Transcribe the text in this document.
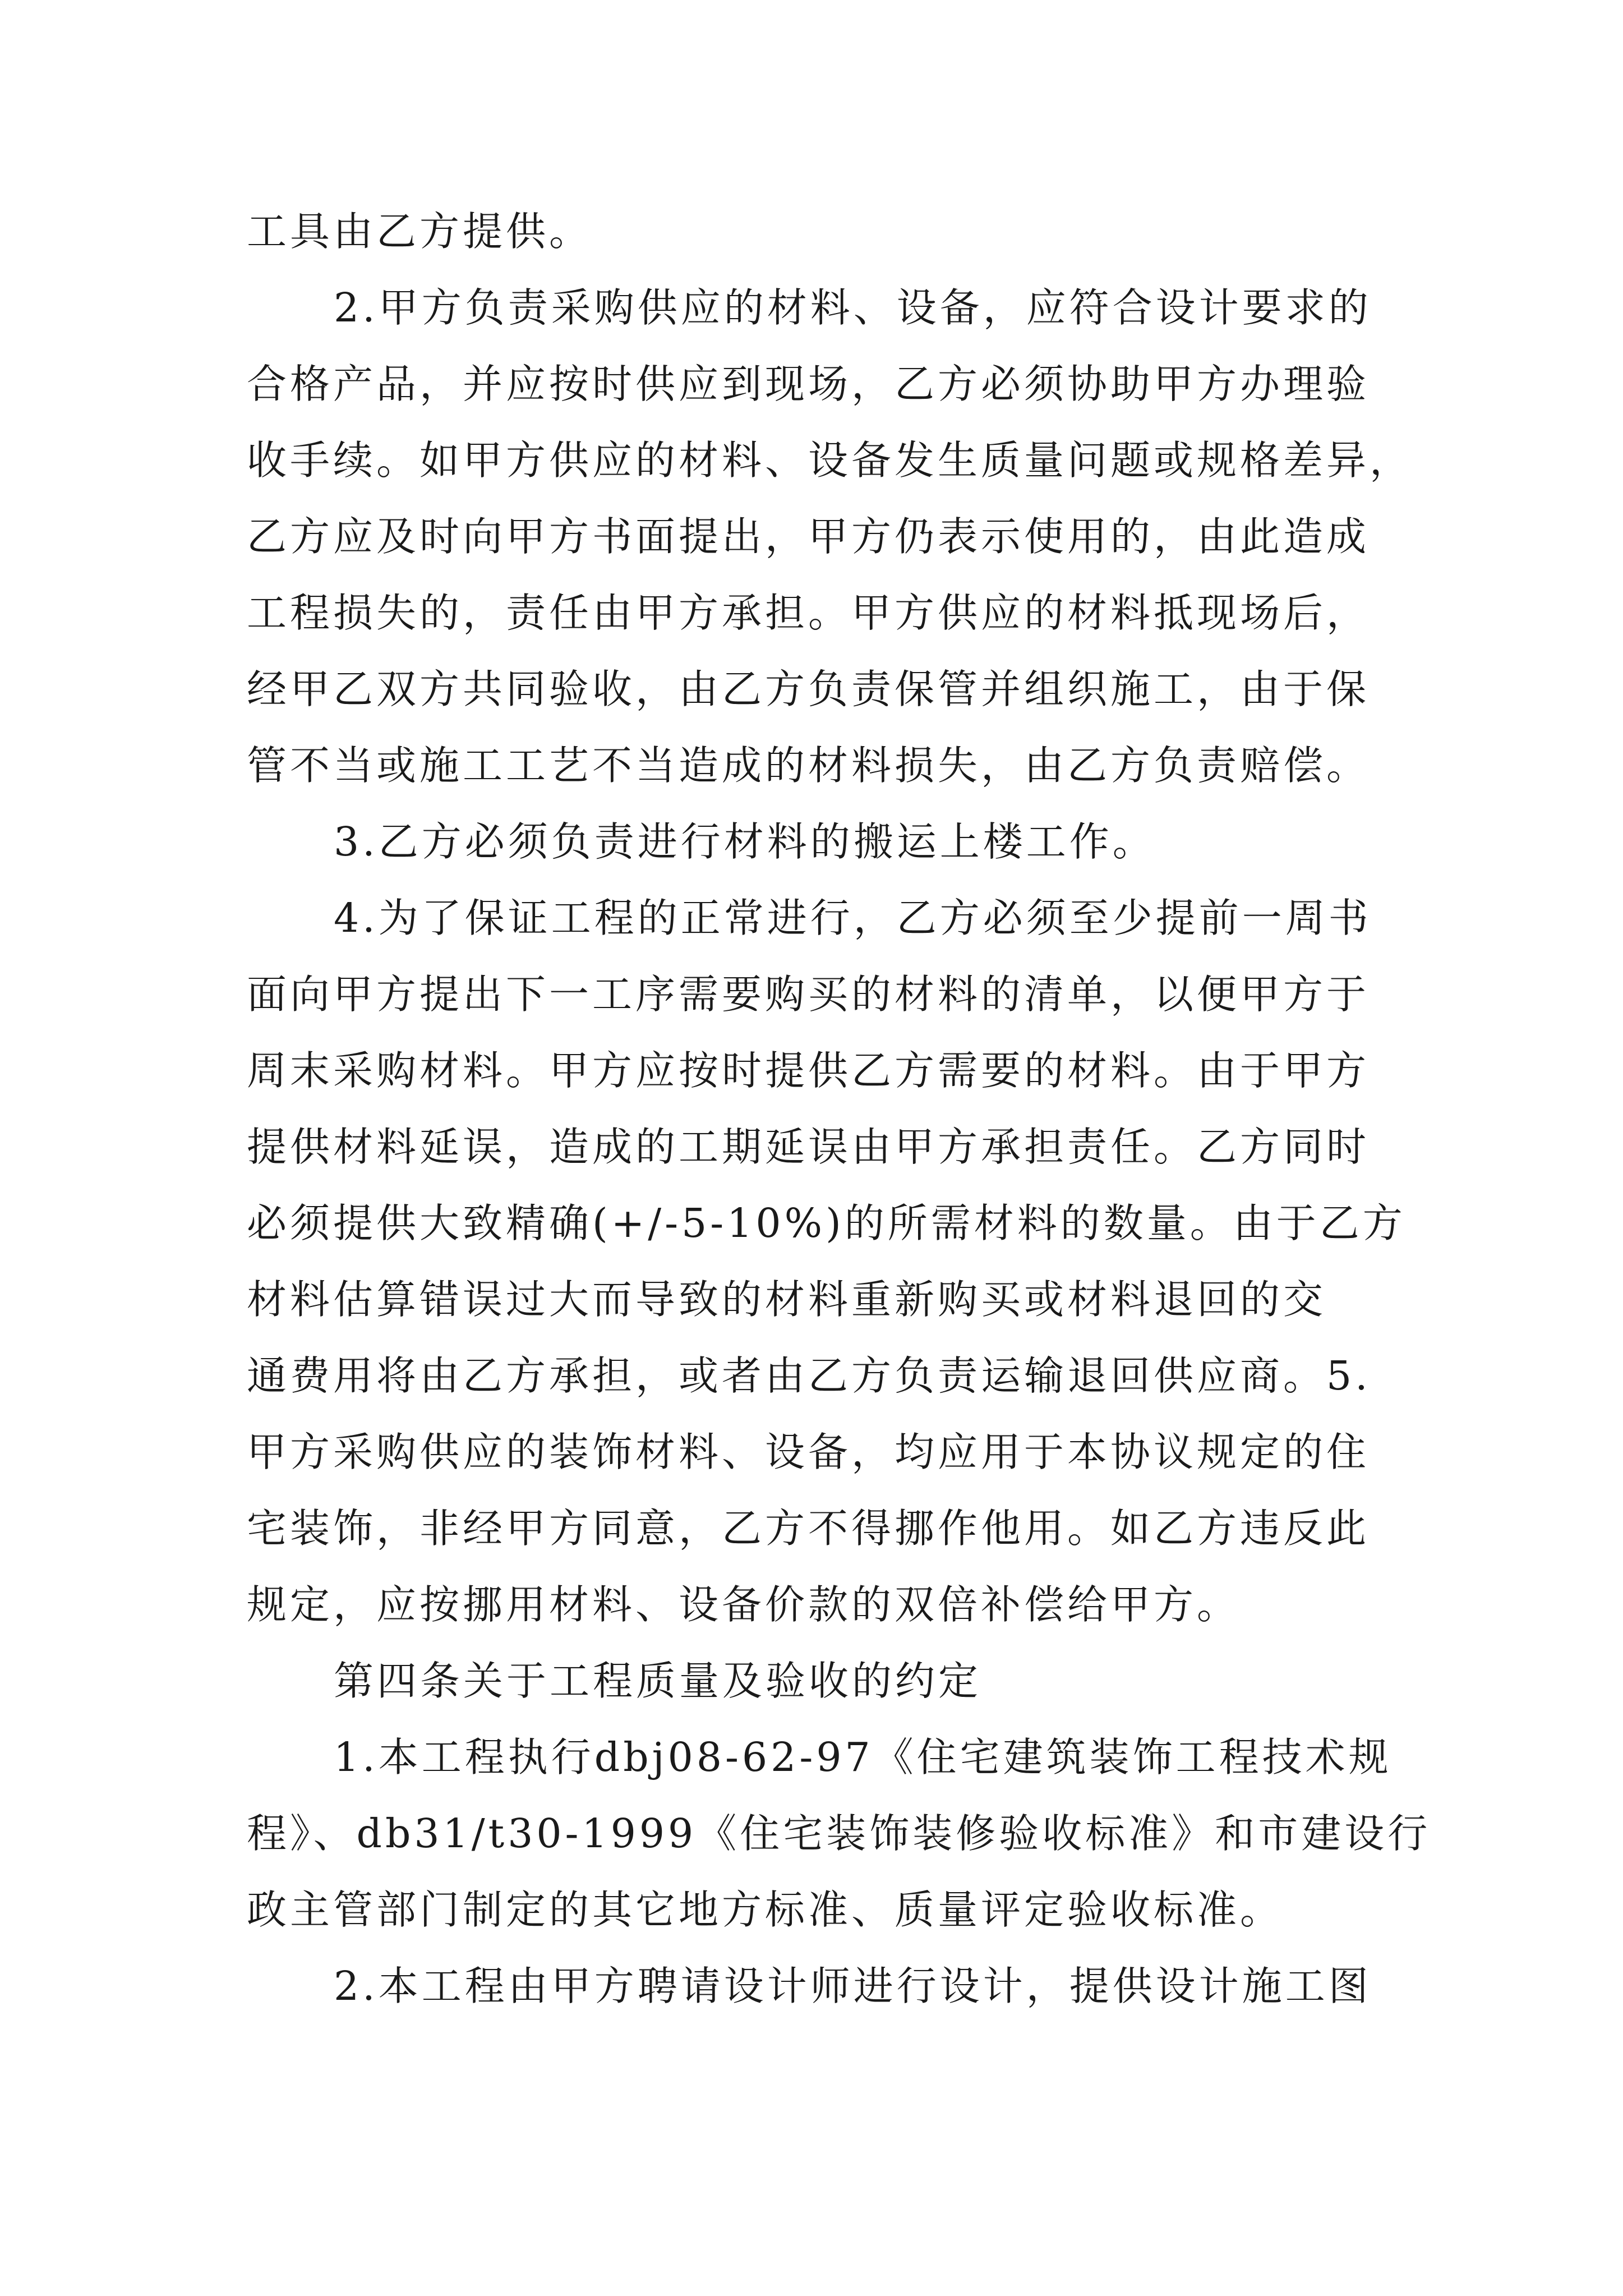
工具由乙方提供。
2.甲方负责采购供应的材料、设备，应符合设计要求的
合格产品，并应按时供应到现场，乙方必须协助甲方办理验
收手续。如甲方供应的材料、设备发生质量问题或规格差异，
乙方应及时向甲方书面提出，甲方仍表示使用的，由此造成
工程损失的，责任由甲方承担。甲方供应的材料抵现场后，
经甲乙双方共同验收，由乙方负责保管并组织施工，由于保
管不当或施工工艺不当造成的材料损失，由乙方负责赔偿。
3.乙方必须负责进行材料的搬运上楼工作。
4.为了保证工程的正常进行，乙方必须至少提前一周书
面向甲方提出下一工序需要购买的材料的清单，以便甲方于
周末采购材料。甲方应按时提供乙方需要的材料。由于甲方
提供材料延误，造成的工期延误由甲方承担责任。乙方同时
必须提供大致精确(+/-5-10%)的所需材料的数量。由于乙方
材料估算错误过大而导致的材料重新购买或材料退回的交
通费用将由乙方承担，或者由乙方负责运输退回供应商。5.
甲方采购供应的装饰材料、设备，均应用于本协议规定的住
宅装饰，非经甲方同意，乙方不得挪作他用。如乙方违反此
规定，应按挪用材料、设备价款的双倍补偿给甲方。
第四条关于工程质量及验收的约定
1.本工程执行dbj08-62-97《住宅建筑装饰工程技术规
程》、db31/t30-1999《住宅装饰装修验收标准》和市建设行
政主管部门制定的其它地方标准、质量评定验收标准。
2.本工程由甲方聘请设计师进行设计，提供设计施工图
